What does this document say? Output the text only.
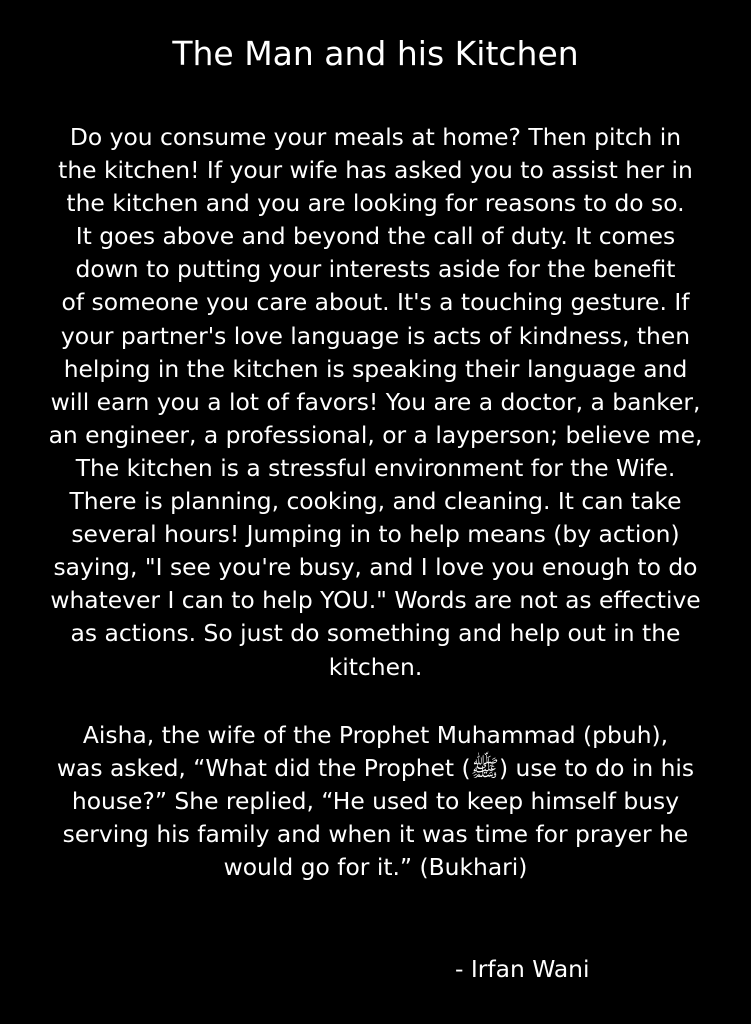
The Man and his Kitchen

Do you consume your meals at home? Then pitch in
the kitchen! If your wife has asked you to assist her in
the kitchen and you are looking for reasons to do so.
It goes above and beyond the call of duty. It comes
down to putting your interests aside for the benefit
of someone you care about. It's a touching gesture. If
your partner's love language is acts of kindness, then
helping in the kitchen is speaking their language and
will earn you a lot of favors! You are a doctor, a banker,
an engineer, a professional, or a layperson; believe me,
The kitchen is a stressful environment for the Wife.
There is planning, cooking, and cleaning. It can take
several hours! Jumping in to help means (by action)
saying, "I see you're busy, and I love you enough to do
whatever I can to help YOU." Words are not as effective
as actions. So just do something and help out in the
kitchen.

Aisha, the wife of the Prophet Muhammad (pbuh),
was asked, “What did the Prophet (ﷺ) use to do in his
house?” She replied, “He used to keep himself busy
serving his family and when it was time for prayer he
would go for it.” (Bukhari)

- Irfan Wani
